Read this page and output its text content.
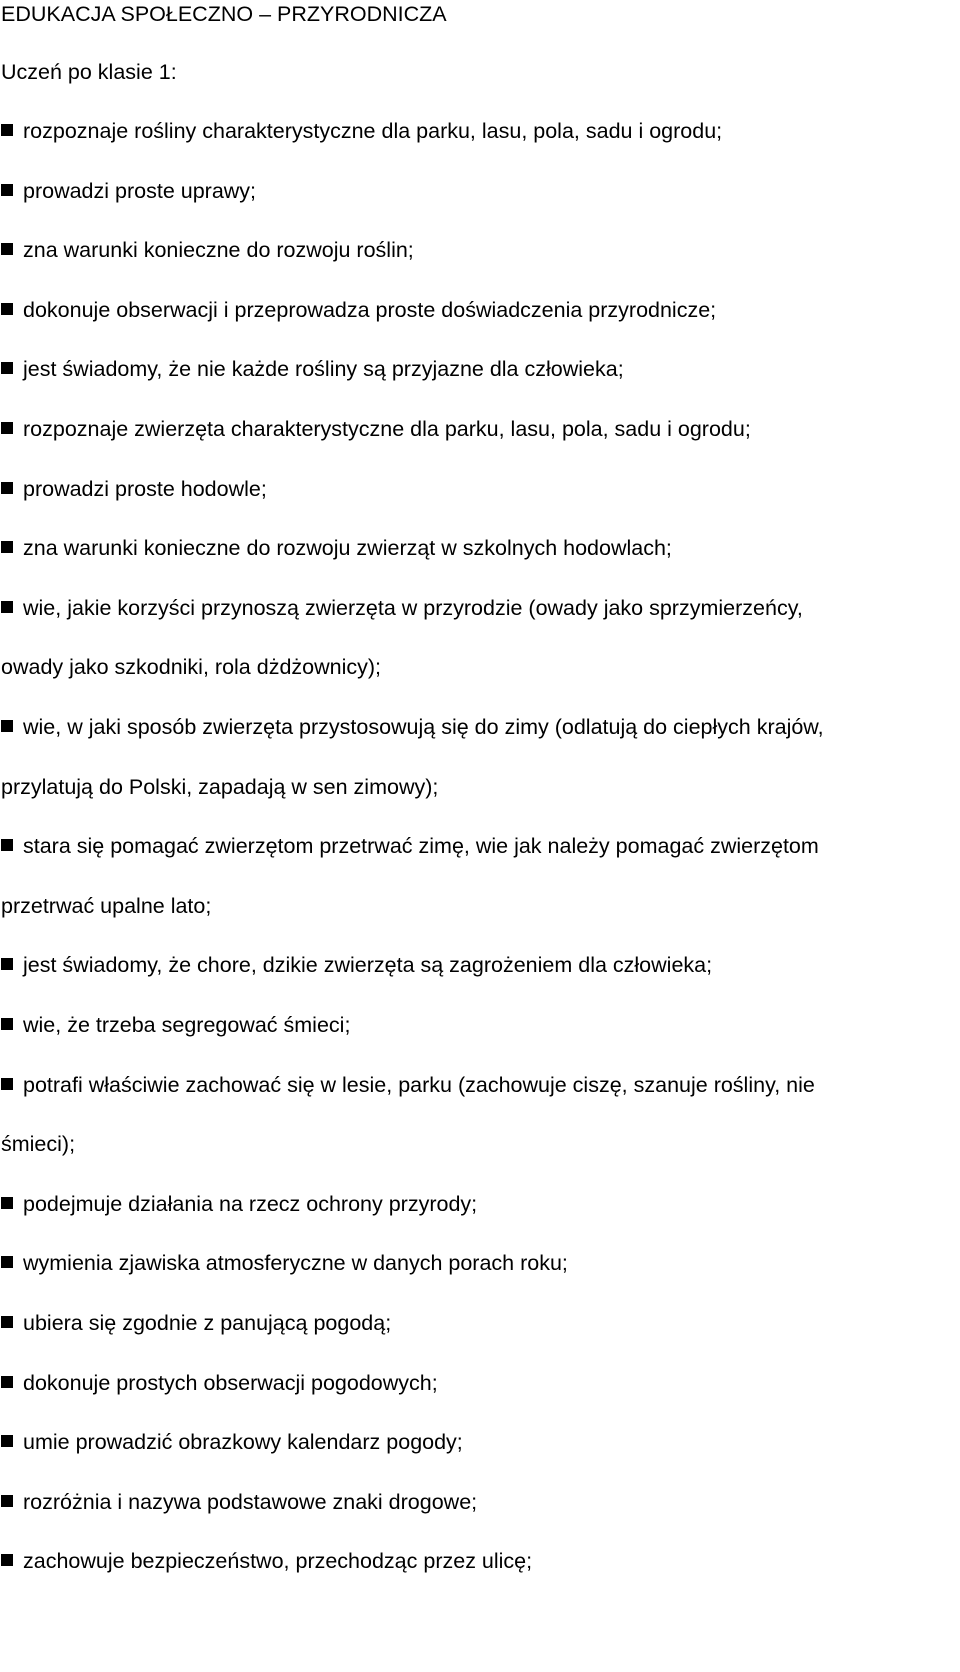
EDUKACJA SPOŁECZNO – PRZYRODNICZA
Uczeń po klasie 1:
rozpoznaje rośliny charakterystyczne dla parku, lasu, pola, sadu i ogrodu;
prowadzi proste uprawy;
zna warunki konieczne do rozwoju roślin;
dokonuje obserwacji i przeprowadza proste doświadczenia przyrodnicze;
jest świadomy, że nie każde rośliny są przyjazne dla człowieka;
rozpoznaje zwierzęta charakterystyczne dla parku, lasu, pola, sadu i ogrodu;
prowadzi proste hodowle;
zna warunki konieczne do rozwoju zwierząt w szkolnych hodowlach;
wie, jakie korzyści przynoszą zwierzęta w przyrodzie (owady jako sprzymierzeńcy,
owady jako szkodniki, rola dżdżownicy);
wie, w jaki sposób zwierzęta przystosowują się do zimy (odlatują do ciepłych krajów,
przylatują do Polski, zapadają w sen zimowy);
stara się pomagać zwierzętom przetrwać zimę, wie jak należy pomagać zwierzętom
przetrwać upalne lato;
jest świadomy, że chore, dzikie zwierzęta są zagrożeniem dla człowieka;
wie, że trzeba segregować śmieci;
potrafi właściwie zachować się w lesie, parku (zachowuje ciszę, szanuje rośliny, nie
śmieci);
podejmuje działania na rzecz ochrony przyrody;
wymienia zjawiska atmosferyczne w danych porach roku;
ubiera się zgodnie z panującą pogodą;
dokonuje prostych obserwacji pogodowych;
umie prowadzić obrazkowy kalendarz pogody;
rozróżnia i nazywa podstawowe znaki drogowe;
zachowuje bezpieczeństwo, przechodząc przez ulicę;
